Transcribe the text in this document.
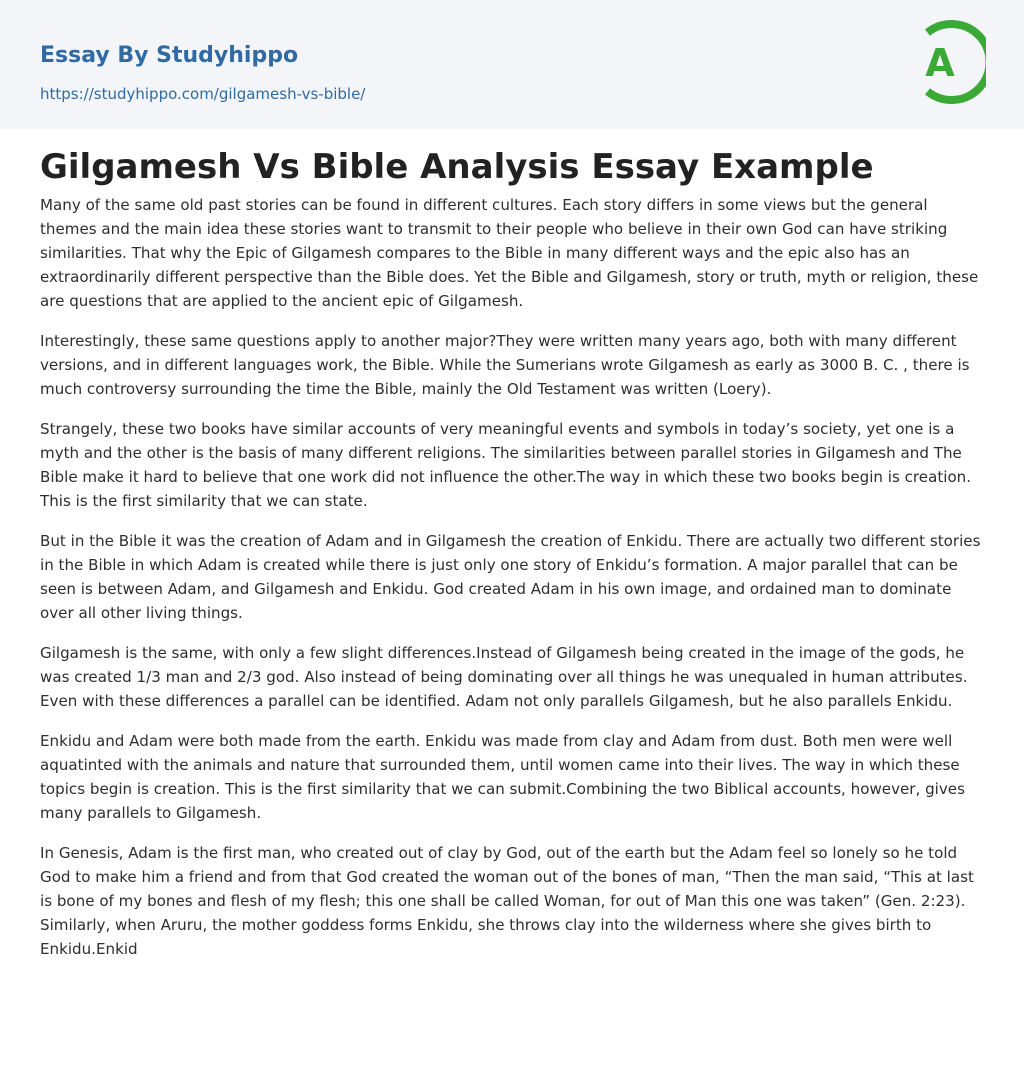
Essay By Studyhippo
https://studyhippo.com/gilgamesh-vs-bible/
A
Gilgamesh Vs Bible Analysis Essay Example

Many of the same old past stories can be found in different cultures. Each story differs in some views but the general themes and the main idea these stories want to transmit to their people who believe in their own God can have striking similarities. That why the Epic of Gilgamesh compares to the Bible in many different ways and the epic also has an extraordinarily different perspective than the Bible does. Yet the Bible and Gilgamesh, story or truth, myth or religion, these are questions that are applied to the ancient epic of Gilgamesh.

Interestingly, these same questions apply to another major?They were written many years ago, both with many different versions, and in different languages work, the Bible. While the Sumerians wrote Gilgamesh as early as 3000 B. C. , there is much controversy surrounding the time the Bible, mainly the Old Testament was written (Loery).

Strangely, these two books have similar accounts of very meaningful events and symbols in today’s society, yet one is a myth and the other is the basis of many different religions. The similarities between parallel stories in Gilgamesh and The Bible make it hard to believe that one work did not influence the other.The way in which these two books begin is creation. This is the first similarity that we can state.

But in the Bible it was the creation of Adam and in Gilgamesh the creation of Enkidu. There are actually two different stories in the Bible in which Adam is created while there is just only one story of Enkidu’s formation. A major parallel that can be seen is between Adam, and Gilgamesh and Enkidu. God created Adam in his own image, and ordained man to dominate over all other living things.

Gilgamesh is the same, with only a few slight differences.Instead of Gilgamesh being created in the image of the gods, he was created 1/3 man and 2/3 god. Also instead of being dominating over all things he was unequaled in human attributes. Even with these differences a parallel can be identified. Adam not only parallels Gilgamesh, but he also parallels Enkidu.

Enkidu and Adam were both made from the earth. Enkidu was made from clay and Adam from dust. Both men were well aquatinted with the animals and nature that surrounded them, until women came into their lives. The way in which these topics begin is creation. This is the first similarity that we can submit.Combining the two Biblical accounts, however, gives many parallels to Gilgamesh.

In Genesis, Adam is the first man, who created out of clay by God, out of the earth but the Adam feel so lonely so he told God to make him a friend and from that God created the woman out of the bones of man, “Then the man said, “This at last is bone of my bones and flesh of my flesh; this one shall be called Woman, for out of Man this one was taken” (Gen. 2:23). Similarly, when Aruru, the mother goddess forms Enkidu, she throws clay into the wilderness where she gives birth to Enkidu.Enkid
